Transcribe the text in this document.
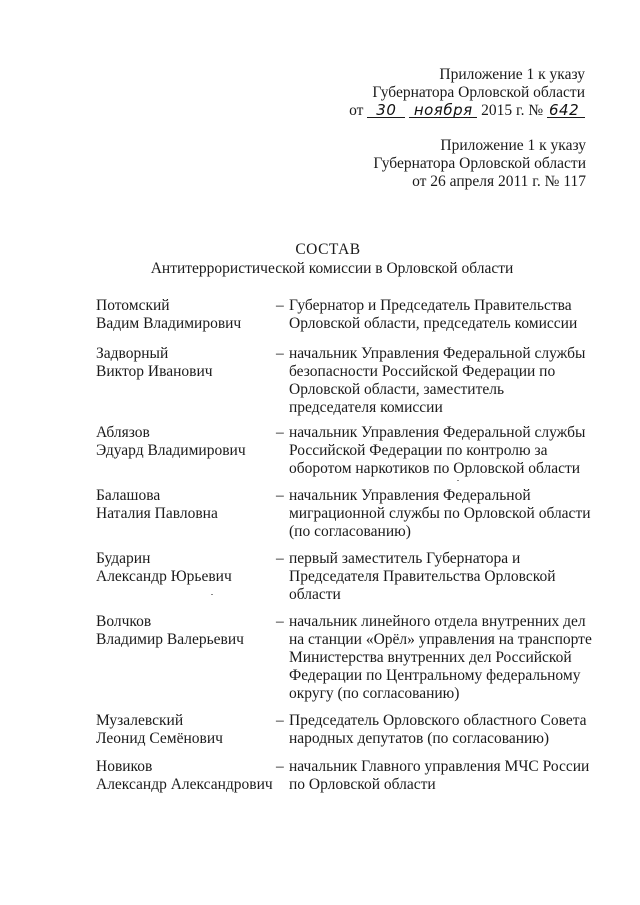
Приложение 1 к указу
Губернатора Орловской области
от 30 ноября 2015 г. № 642
Приложение 1 к указу
Губернатора Орловской области
от 26 апреля 2011 г. № 117
СОСТАВ
Антитеррористической комиссии в Орловской области
Потомский
Вадим Владимирович
– Губернатор и Председатель Правительства
Орловской области, председатель комиссии
Задворный
Виктор Иванович
– начальник Управления Федеральной службы
безопасности Российской Федерации по
Орловской области, заместитель
председателя комиссии
Аблязов
Эдуард Владимирович
– начальник Управления Федеральной службы
Российской Федерации по контролю за
оборотом наркотиков по Орловской области
Балашова
Наталия Павловна
– начальник Управления Федеральной
миграционной службы по Орловской области
(по согласованию)
Бударин
Александр Юрьевич
– первый заместитель Губернатора и
Председателя Правительства Орловской
области
Волчков
Владимир Валерьевич
– начальник линейного отдела внутренних дел
на станции «Орёл» управления на транспорте
Министерства внутренних дел Российской
Федерации по Центральному федеральному
округу (по согласованию)
Музалевский
Леонид Семёнович
– Председатель Орловского областного Совета
народных депутатов (по согласованию)
Новиков
Александр Александрович
– начальник Главного управления МЧС России
по Орловской области
